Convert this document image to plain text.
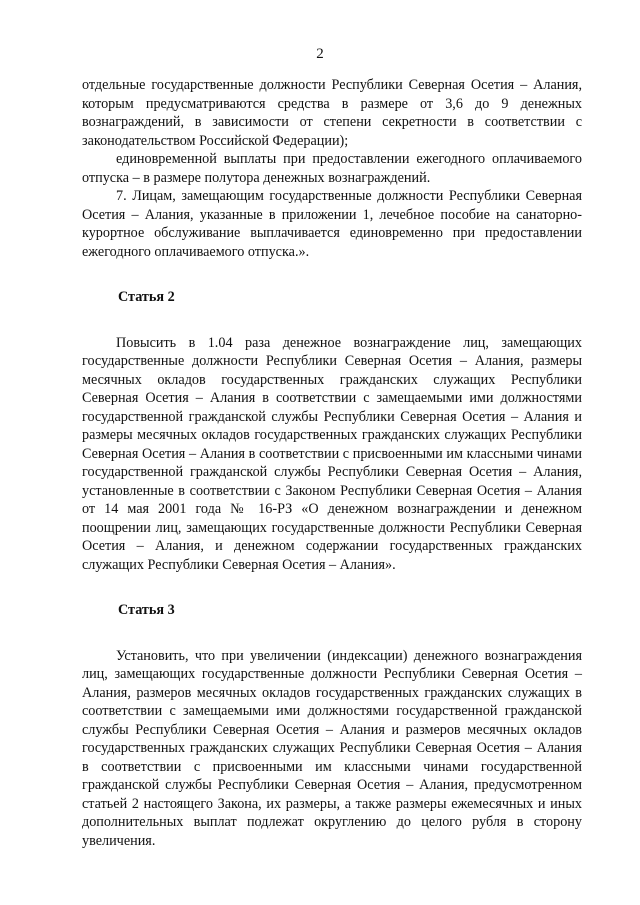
2

отдельные государственные должности Республики Северная Осетия – Алания, которым предусматриваются средства в размере от 3,6 до 9 денежных вознаграждений, в зависимости от степени секретности в соответствии с законодательством Российской Федерации);

единовременной выплаты при предоставлении ежегодного оплачиваемого отпуска – в размере полутора денежных вознаграждений.

7. Лицам, замещающим государственные должности Республики Северная Осетия – Алания, указанные в приложении 1, лечебное пособие на санаторно-курортное обслуживание выплачивается единовременно при предоставлении ежегодного оплачиваемого отпуска.».

Статья 2

Повысить в 1.04 раза денежное вознаграждение лиц, замещающих государственные должности Республики Северная Осетия – Алания, размеры месячных окладов государственных гражданских служащих Республики Северная Осетия – Алания в соответствии с замещаемыми ими должностями государственной гражданской службы Республики Северная Осетия – Алания и размеры месячных окладов государственных гражданских служащих Республики Северная Осетия – Алания в соответствии с присвоенными им классными чинами государственной гражданской службы Республики Северная Осетия – Алания, установленные в соответствии с Законом Республики Северная Осетия – Алания от 14 мая 2001 года № 16-РЗ «О денежном вознаграждении и денежном поощрении лиц, замещающих государственные должности Республики Северная Осетия – Алания, и денежном содержании государственных гражданских служащих Республики Северная Осетия – Алания».

Статья 3

Установить, что при увеличении (индексации) денежного вознаграждения лиц, замещающих государственные должности Республики Северная Осетия – Алания, размеров месячных окладов государственных гражданских служащих в соответствии с замещаемыми ими должностями государственной гражданской службы Республики Северная Осетия – Алания и размеров месячных окладов государственных гражданских служащих Республики Северная Осетия – Алания в соответствии с присвоенными им классными чинами государственной гражданской службы Республики Северная Осетия – Алания, предусмотренном статьей 2 настоящего Закона, их размеры, а также размеры ежемесячных и иных дополнительных выплат подлежат округлению до целого рубля в сторону увеличения.
